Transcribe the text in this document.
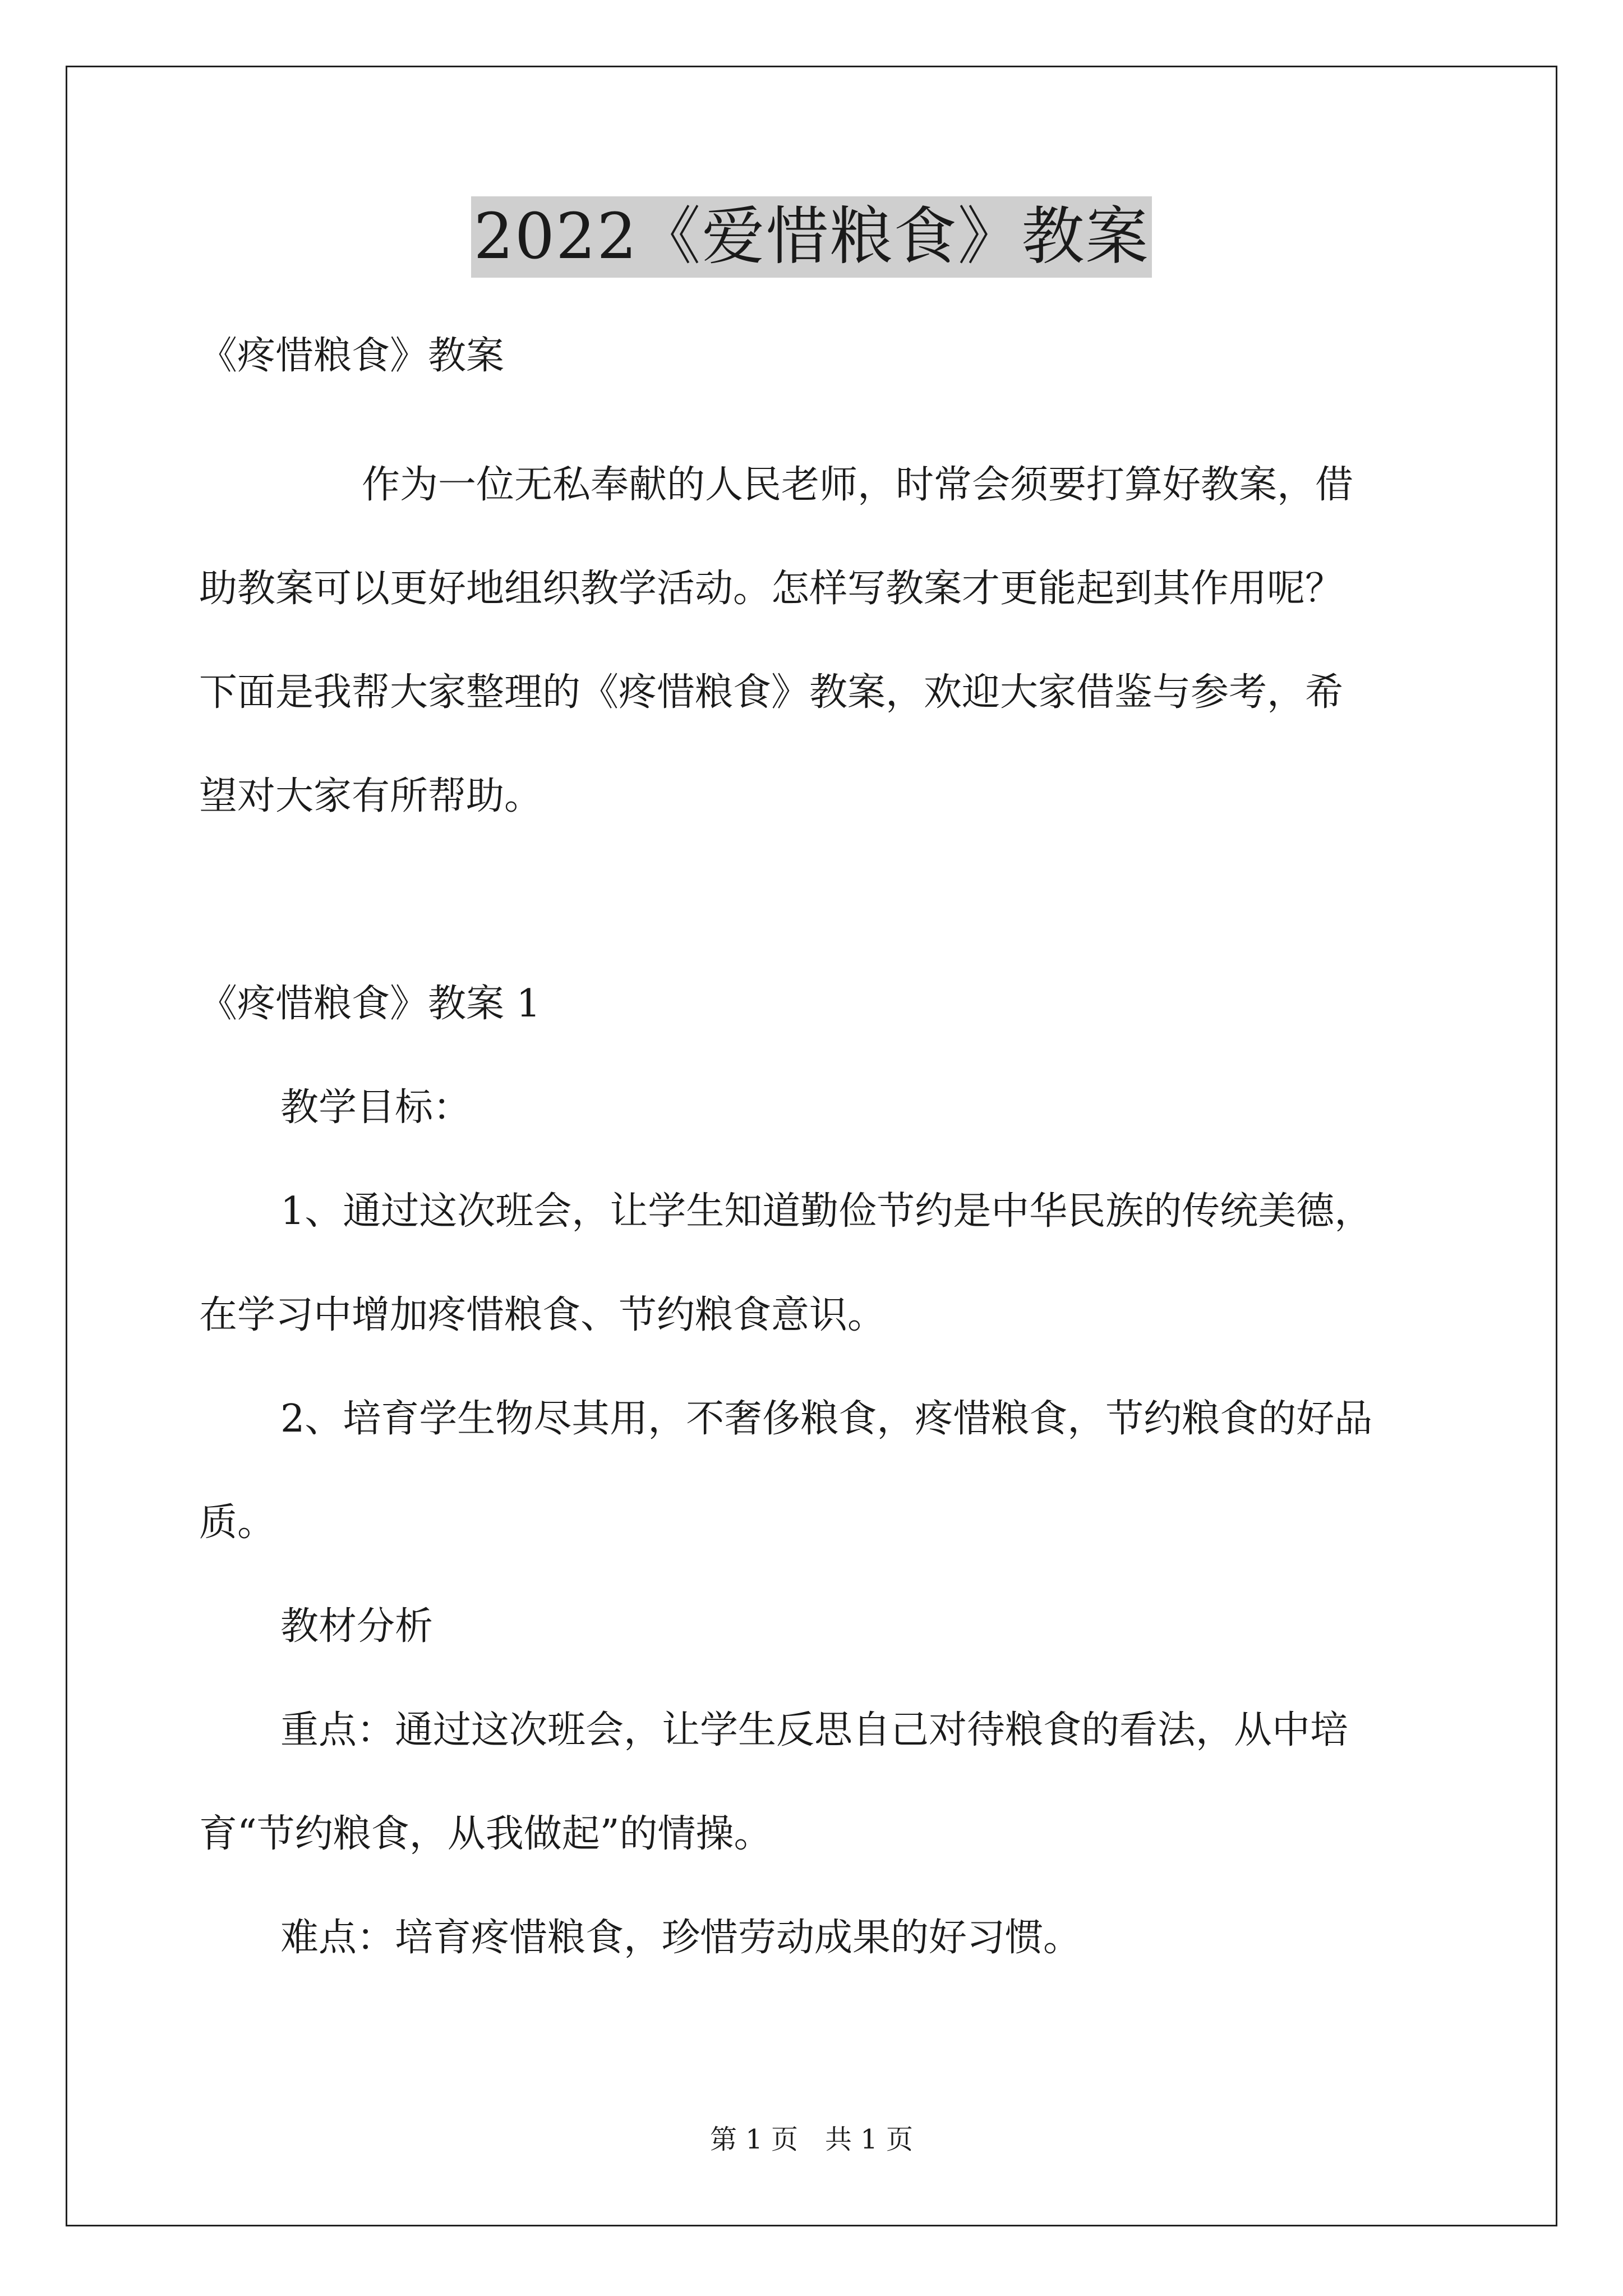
2022《爱惜粮食》教案
《疼惜粮食》教案
作为一位无私奉献的人民老师，时常会须要打算好教案，借
助教案可以更好地组织教学活动。怎样写教案才更能起到其作用呢？
下面是我帮大家整理的《疼惜粮食》教案，欢迎大家借鉴与参考，希
望对大家有所帮助。
《疼惜粮食》教案 1
教学目标：
1、通过这次班会，让学生知道勤俭节约是中华民族的传统美德，
在学习中增加疼惜粮食、节约粮食意识。
2、培育学生物尽其用，不奢侈粮食，疼惜粮食，节约粮食的好品
质。
教材分析
重点：通过这次班会，让学生反思自己对待粮食的看法，从中培
育“节约粮食，从我做起”的情操。
难点：培育疼惜粮食，珍惜劳动成果的好习惯。
第 1 页　共 1 页
